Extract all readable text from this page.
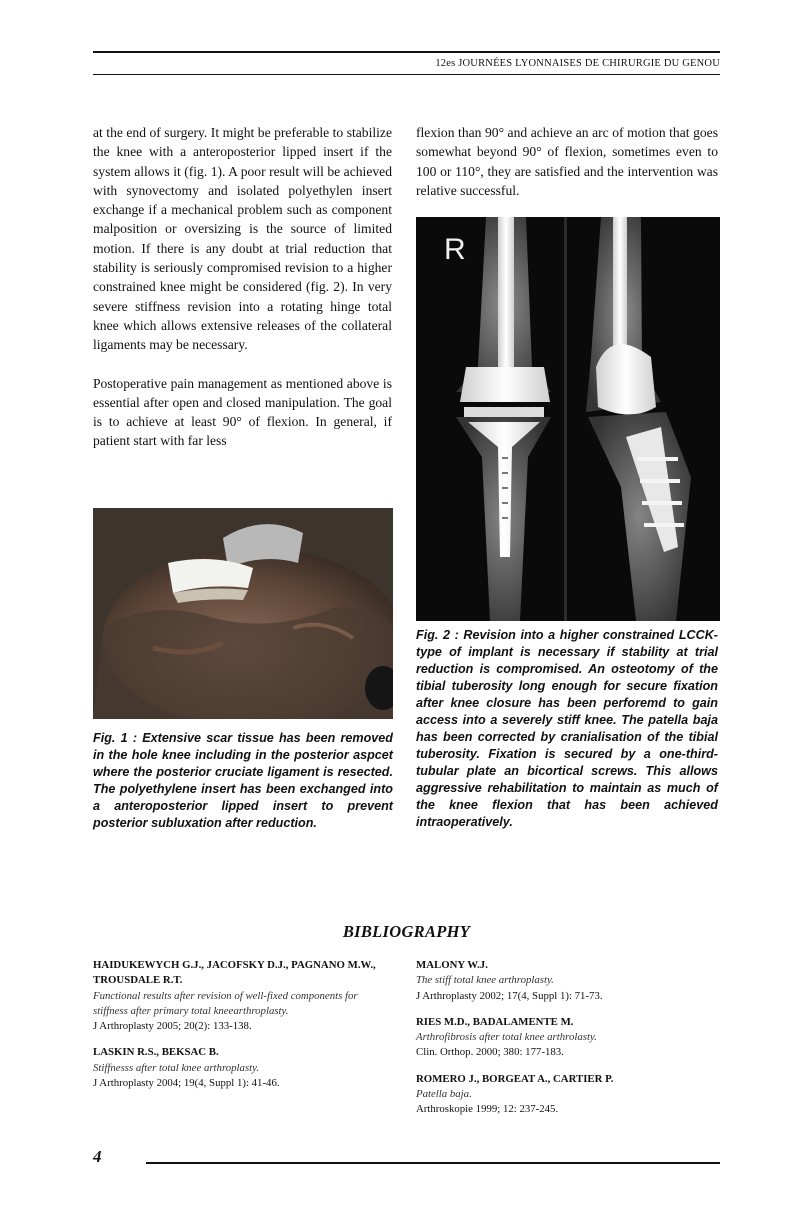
12es JOURNÉES LYONNAISES DE CHIRURGIE DU GENOU

at the end of surgery. It might be preferable to stabilize the knee with a anteroposterior lipped insert if the system allows it (fig. 1). A poor result will be achieved with synovectomy and isolated polyethylen insert exchange if a mechanical problem such as component malposition or oversizing is the source of limited motion. If there is any doubt at trial reduction that stability is seriously compromised revision to a higher constrained knee might be considered (fig. 2). In very severe stiffness revision into a rotating hinge total knee which allows extensive releases of the collateral ligaments may be necessary.

Postoperative pain management as mentioned above is essential after open and closed manipulation. The goal is to achieve at least 90° of flexion. In general, if patient start with far less

flexion than 90° and achieve an arc of motion that goes somewhat beyond 90° of flexion, sometimes even to 100 or 110°, they are satisfied and the intervention was relative successful.

R
Fig. 1 : Extensive scar tissue has been removed in the hole knee including in the posterior aspcet where the posterior cruciate ligament is resected. The polyethylene insert has been exchanged into a anteroposterior lipped insert to prevent posterior subluxation after reduction.
Fig. 2 : Revision into a higher constrained LCCK-type of implant is necessary if stability at trial reduction is compromised. An osteotomy of the tibial tuberosity long enough for secure fixation after knee closure has been perforemd to gain access into a severely stiff knee. The patella baja has been corrected by cranialisation of the tibial tuberosity. Fixation is secured by a one-third-tubular plate an bicortical screws. This allows aggressive rehabilitation to maintain as much of the knee flexion that has been achieved intraoperatively.
BIBLIOGRAPHY
HAIDUKEWYCH G.J., JACOFSKY D.J., PAGNANO M.W., TROUSDALE R.T.
Functional results after revision of well-fixed components for stiffness after primary total kneearthroplasty.
J Arthroplasty 2005; 20(2): 133-138.
LASKIN R.S., BEKSAC B.
Stiffnesss after total knee arthroplasty.
J Arthroplasty 2004; 19(4, Suppl 1): 41-46.
MALONY W.J.
The stiff total knee arthroplasty.
J Arthroplasty 2002; 17(4, Suppl 1): 71-73.
RIES M.D., BADALAMENTE M.
Arthrofibrosis after total knee arthrolasty.
Clin. Orthop. 2000; 380: 177-183.
ROMERO J., BORGEAT A., CARTIER P.
Patella baja.
Arthroskopie 1999; 12: 237-245.
4
